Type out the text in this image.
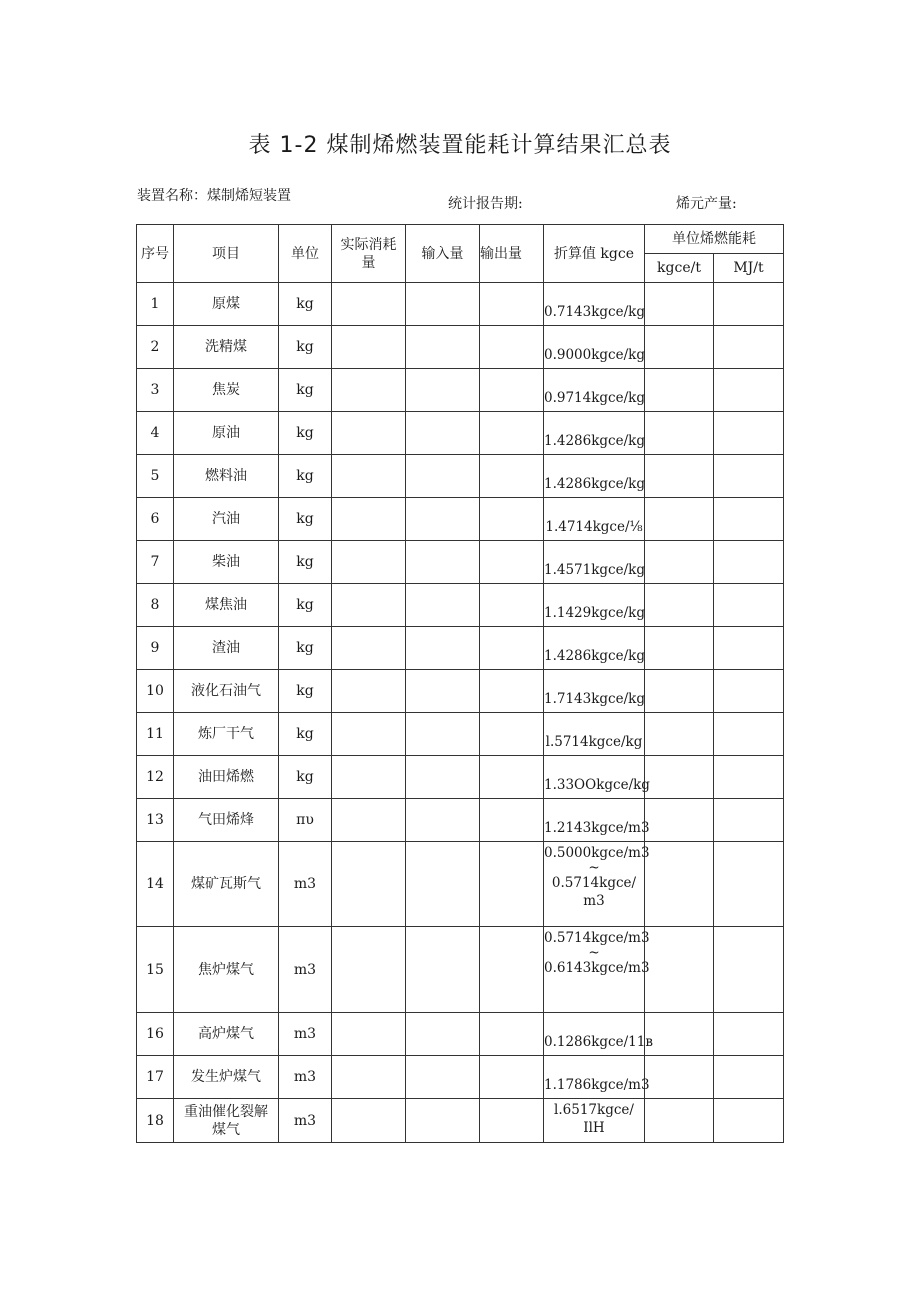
表 1-2 煤制烯燃装置能耗计算结果汇总表
装置名称：煤制烯短装置	统计报告期:	烯元产量:
序号	项目	单位	实际消耗量	输入量	输出量	折算值 kgce	单位烯燃能耗	
							kgce/t	MJ/t
1	原煤	kg				0.7143kgce/kg		
2	洗精煤	kg				0.9000kgce/kg		
3	焦炭	kg				0.9714kgce/kg		
4	原油	kg				1.4286kgce/kg		
5	燃料油	kg				1.4286kgce/kg		
6	汽油	kg				1.4714kgce/⅛		
7	柴油	kg				1.4571kgce/kg		
8	煤焦油	kg				1.1429kgce/kg		
9	渣油	kg				1.4286kgce/kg		
10	液化石油气	kg				1.7143kgce/kg		
11	炼厂干气	kg				l.5714kgce/kg		
12	油田烯燃	kg				1.33OOkgce/kg		
13	气田烯烽	πυ				1.2143kgce/m3		
14	煤矿瓦斯气	m3				0.5000kgce/m3
~
0.5714kgce/
m3		

15	焦炉煤气	m3				0.5714kgce/m3
~
0.6143kgce/m3		

16	高炉煤气	m3				0.1286kgce/11в		
17	发生炉煤气	m3				1.1786kgce/m3		
18	重油催化裂解煤气	m3				l.6517kgce/
IlH		
